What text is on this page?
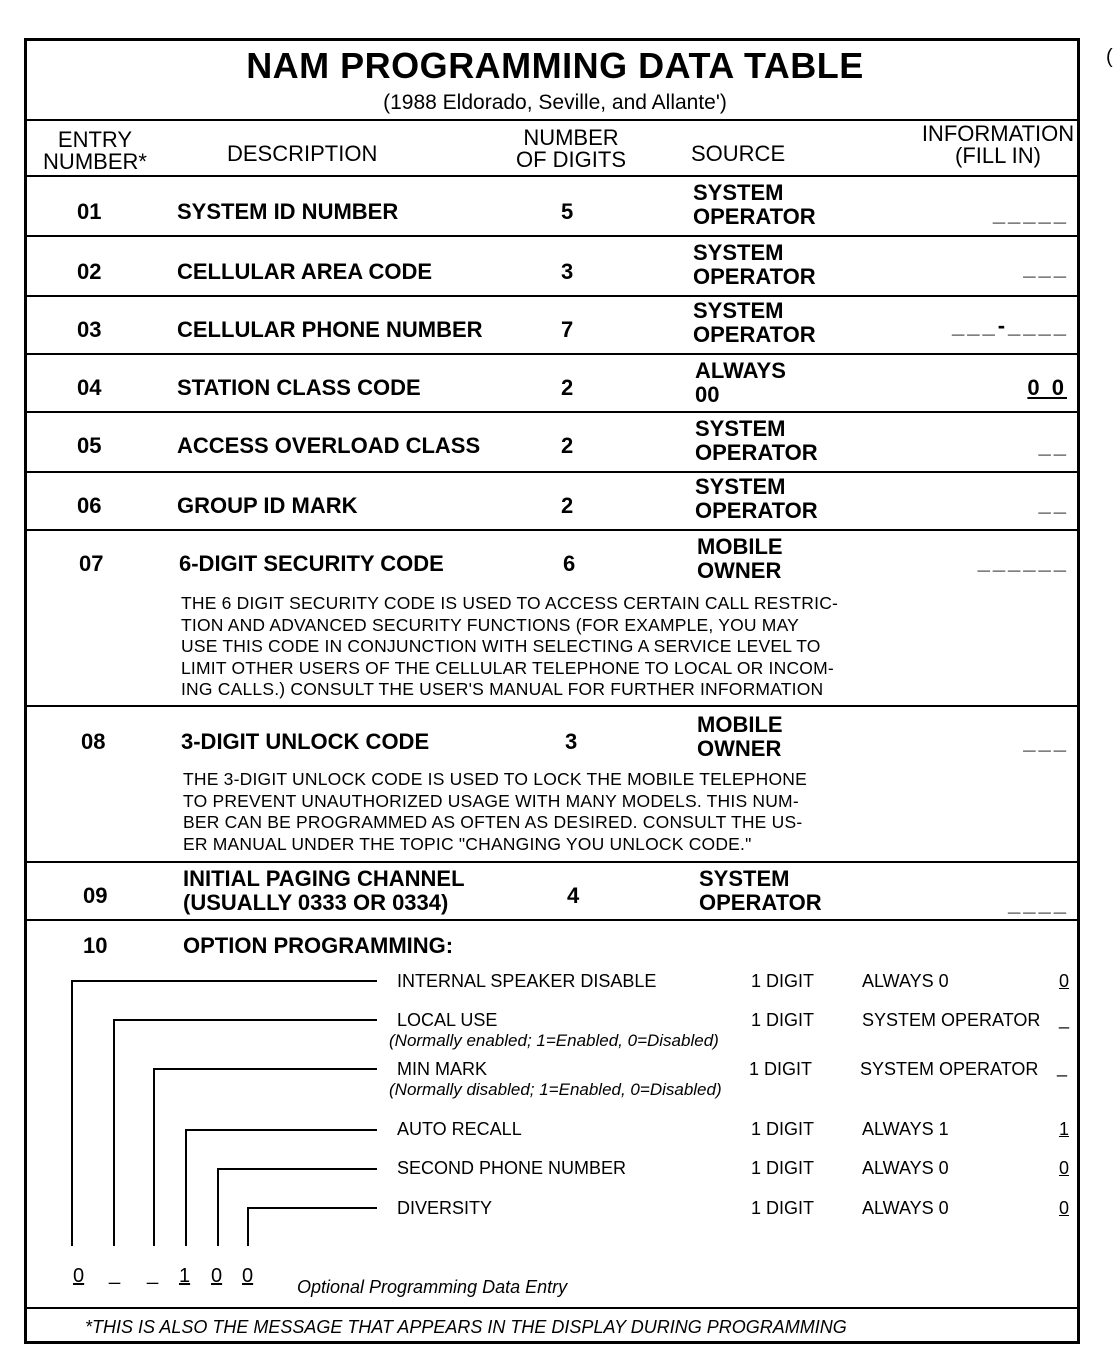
(
NAM PROGRAMMING DATA TABLE
(1988 Eldorado, Seville, and Allante')
ENTRY
NUMBER*	DESCRIPTION
NUMBER
OF DIGITS	SOURCE
INFORMATION
(FILL IN)
01	SYSTEM ID NUMBER	5
SYSTEM
OPERATOR	_____
02	CELLULAR AREA CODE	3
SYSTEM
OPERATOR	___
03	CELLULAR PHONE NUMBER	7
SYSTEM
OPERATOR	___-____
04	STATION CLASS CODE	2
ALWAYS
00	0 0
05	ACCESS OVERLOAD CLASS	2
SYSTEM
OPERATOR	__
06	GROUP ID MARK	2
SYSTEM
OPERATOR	__
07	6-DIGIT SECURITY CODE	6
MOBILE
OWNER	______
THE 6 DIGIT SECURITY CODE IS USED TO ACCESS CERTAIN CALL RESTRIC-
TION AND ADVANCED SECURITY FUNCTIONS (FOR EXAMPLE, YOU MAY
USE THIS CODE IN CONJUNCTION WITH SELECTING A SERVICE LEVEL TO
LIMIT OTHER USERS OF THE CELLULAR TELEPHONE TO LOCAL OR INCOM-
ING CALLS.) CONSULT THE USER'S MANUAL FOR FURTHER INFORMATION
08	3-DIGIT UNLOCK CODE	3
MOBILE
OWNER	___
THE 3-DIGIT UNLOCK CODE IS USED TO LOCK THE MOBILE TELEPHONE
TO PREVENT UNAUTHORIZED USAGE WITH MANY MODELS. THIS NUM-
BER CAN BE PROGRAMMED AS OFTEN AS DESIRED. CONSULT THE US-
ER MANUAL UNDER THE TOPIC "CHANGING YOU UNLOCK CODE."
09
INITIAL PAGING CHANNEL
(USUALLY 0333 OR 0334)	4
SYSTEM
OPERATOR	____
10	OPTION PROGRAMMING:
INTERNAL SPEAKER DISABLE	1 DIGIT	ALWAYS 0	0
LOCAL USE
(Normally enabled; 1=Enabled, 0=Disabled)
1 DIGIT	SYSTEM OPERATOR _
MIN MARK
(Normally disabled; 1=Enabled, 0=Disabled)
1 DIGIT	SYSTEM OPERATOR _
AUTO RECALL	1 DIGIT	ALWAYS 1	1
SECOND PHONE NUMBER	1 DIGIT	ALWAYS 0	0
DIVERSITY	1 DIGIT	ALWAYS 0	0
0 _ _ 1 0 0 Optional Programming Data Entry
*THIS IS ALSO THE MESSAGE THAT APPEARS IN THE DISPLAY DURING PROGRAMMING
